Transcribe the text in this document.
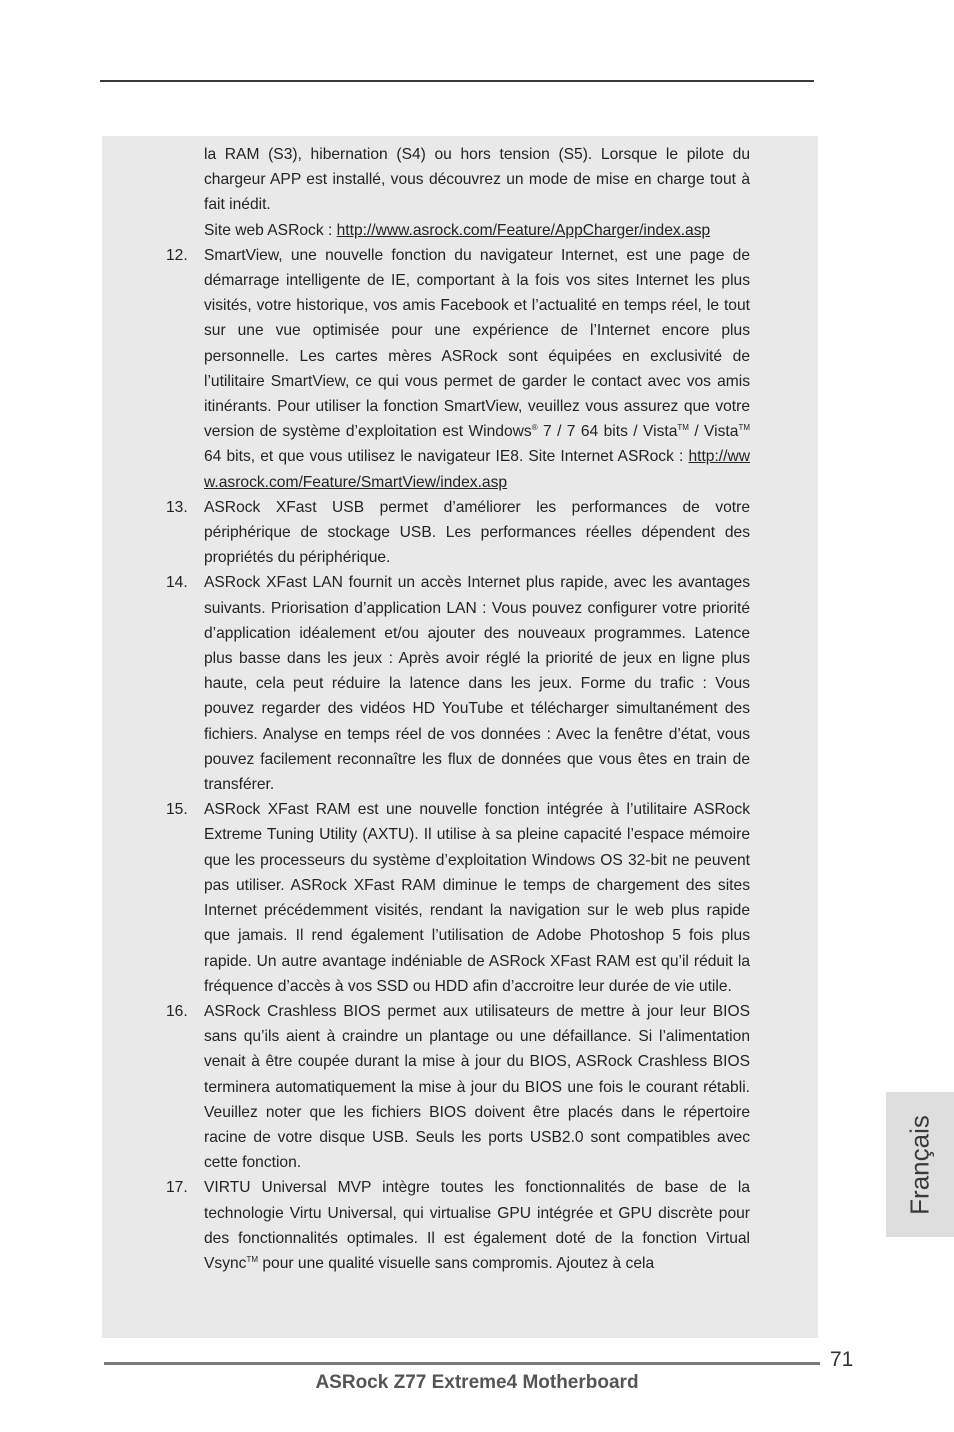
la RAM (S3), hibernation (S4) ou hors tension (S5). Lorsque le pilote du chargeur APP est installé, vous découvrez un mode de mise en charge tout à fait inédit.
Site web ASRock : http://www.asrock.com/Feature/AppCharger/index.asp

12.	SmartView, une nouvelle fonction du navigateur Internet, est une page de démarrage intelligente de IE, comportant à la fois vos sites Internet les plus visités, votre historique, vos amis Facebook et l’actualité en temps réel, le tout sur une vue optimisée pour une expérience de l’Internet encore plus personnelle. Les cartes mères ASRock sont équipées en exclusivité de l’utilitaire SmartView, ce qui vous permet de garder le contact avec vos amis itinérants. Pour utiliser la fonction SmartView, veuillez vous assurez que votre version de système d’exploitation est Windows® 7 / 7 64 bits / Vista™ / Vista™ 64 bits, et que vous utilisez le navigateur IE8. Site Internet ASRock : http://www.asrock.com/Feature/SmartView/index.asp
13.	ASRock XFast USB permet d’améliorer les performances de votre périphérique de stockage USB. Les performances réelles dépendent des propriétés du périphérique.
14.	ASRock XFast LAN fournit un accès Internet plus rapide, avec les avantages suivants. Priorisation d’application LAN : Vous pouvez configurer votre priorité d’application idéalement et/ou ajouter des nouveaux programmes. Latence plus basse dans les jeux : Après avoir réglé la priorité de jeux en ligne plus haute, cela peut réduire la latence dans les jeux. Forme du trafic : Vous pouvez regarder des vidéos HD YouTube et télécharger simultanément des fichiers. Analyse en temps réel de vos données : Avec la fenêtre d’état, vous pouvez facilement reconnaître les flux de données que vous êtes en train de transférer.
15.	ASRock XFast RAM est une nouvelle fonction intégrée à l’utilitaire ASRock Extreme Tuning Utility (AXTU). Il utilise à sa pleine capacité l’espace mémoire que les processeurs du système d’exploitation Windows OS 32-bit ne peuvent pas utiliser. ASRock XFast RAM diminue le temps de chargement des sites Internet précédemment visités, rendant la navigation sur le web plus rapide que jamais. Il rend également l’utilisation de Adobe Photoshop 5 fois plus rapide. Un autre avantage indéniable de ASRock XFast RAM est qu’il réduit la fréquence d’accès à vos SSD ou HDD afin d’accroitre leur durée de vie utile.
16.	ASRock Crashless BIOS permet aux utilisateurs de mettre à jour leur BIOS sans qu’ils aient à craindre un plantage ou une défaillance. Si l’alimentation venait à être coupée durant la mise à jour du BIOS, ASRock Crashless BIOS terminera automatiquement la mise à jour du BIOS une fois le courant rétabli. Veuillez noter que les fichiers BIOS doivent être placés dans le répertoire racine de votre disque USB. Seuls les ports USB2.0 sont compatibles avec cette fonction.
17.	VIRTU Universal MVP intègre toutes les fonctionnalités de base de la technologie Virtu Universal, qui virtualise GPU intégrée et GPU discrète pour des fonctionnalités optimales. Il est également doté de la fonction Virtual Vsync™ pour une qualité visuelle sans compromis. Ajoutez à cela
Français
71
ASRock Z77 Extreme4 Motherboard
